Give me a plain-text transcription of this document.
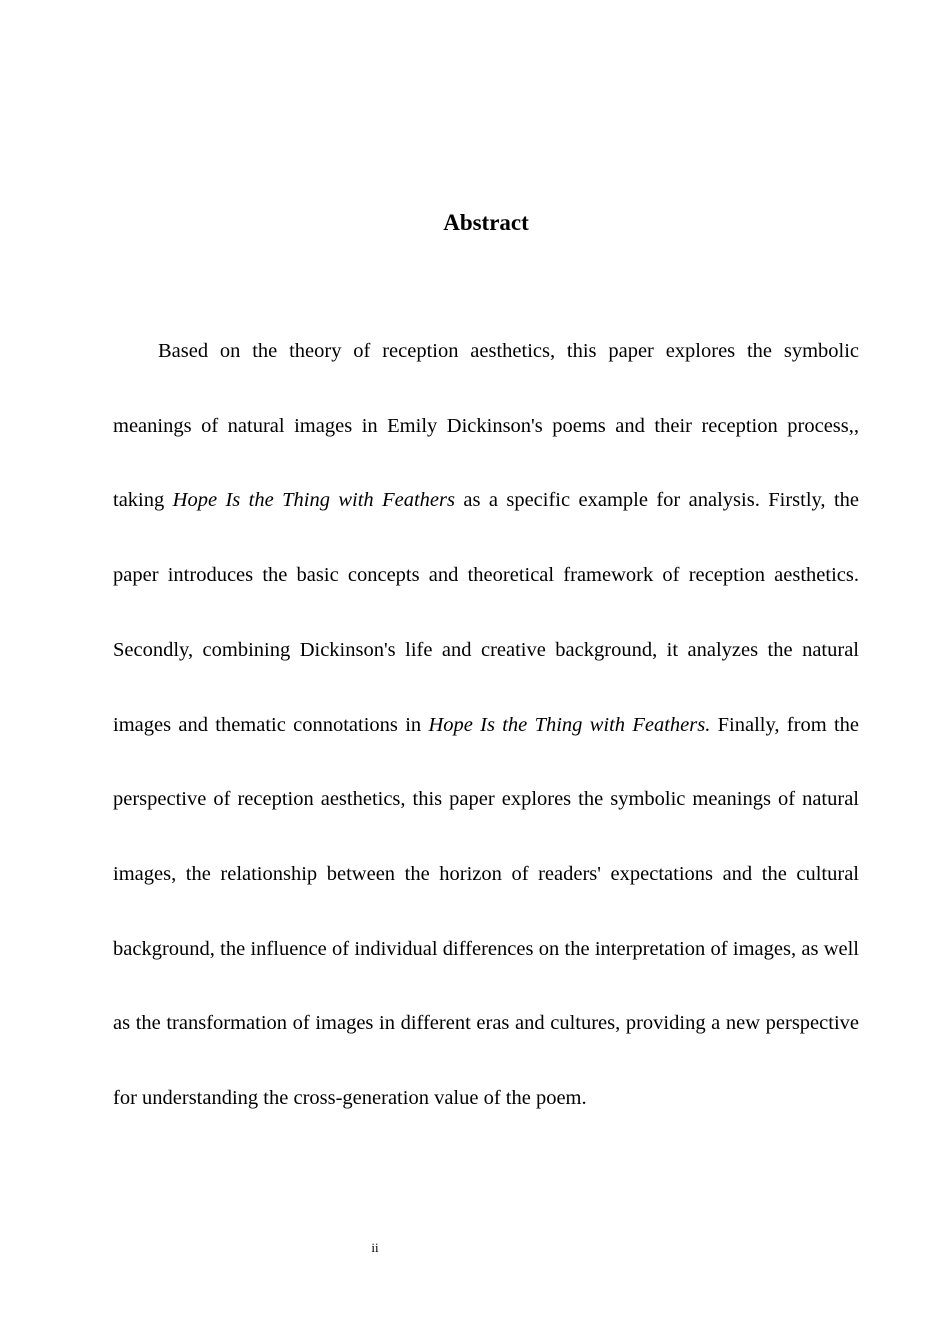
Abstract

Based on the theory of reception aesthetics, this paper explores the symbolic meanings of natural images in Emily Dickinson's poems and their reception process,, taking Hope Is the Thing with Feathers as a specific example for analysis. Firstly, the paper introduces the basic concepts and theoretical framework of reception aesthetics. Secondly, combining Dickinson's life and creative background, it analyzes the natural images and thematic connotations in Hope Is the Thing with Feathers. Finally, from the perspective of reception aesthetics, this paper explores the symbolic meanings of natural images, the relationship between the horizon of readers' expectations and the cultural background, the influence of individual differences on the interpretation of images, as well as the transformation of images in different eras and cultures, providing a new perspective for understanding the cross-generation value of the poem.

ii
